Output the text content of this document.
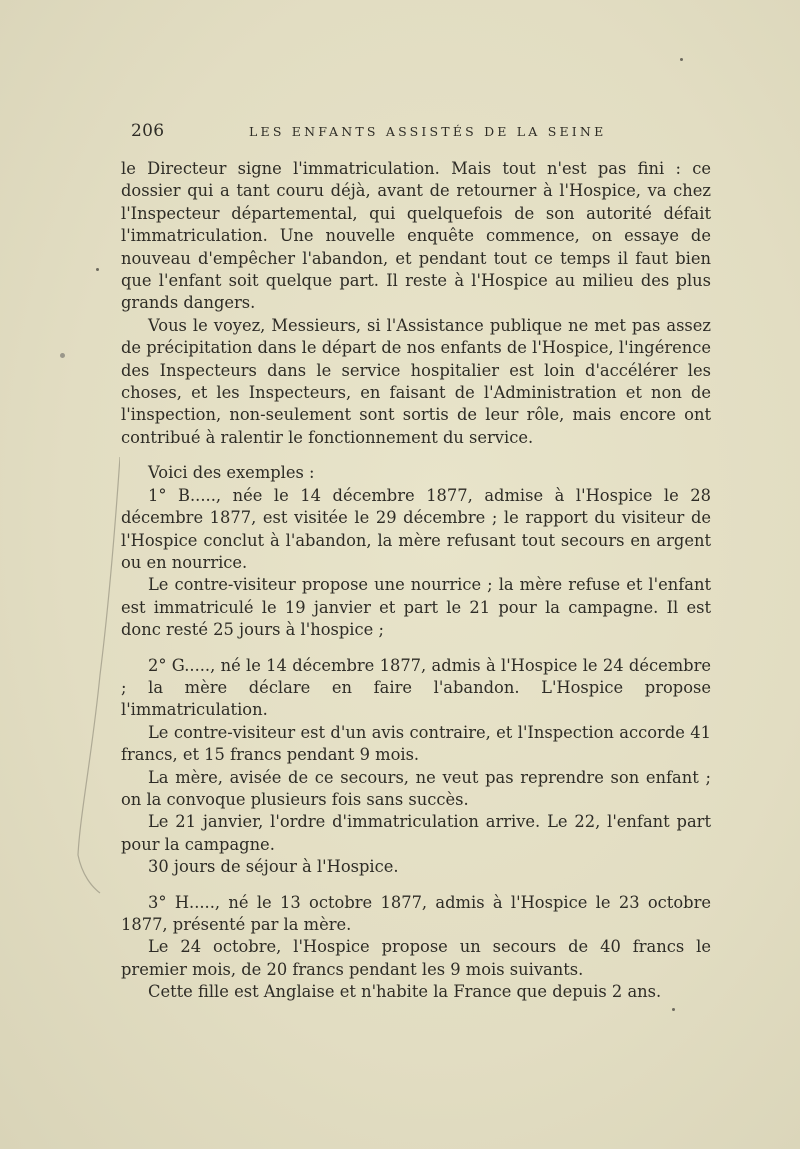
206	LES ENFANTS ASSISTÉS DE LA SEINE

le Directeur signe l'immatriculation. Mais tout n'est pas fini : ce dossier qui a tant couru déjà, avant de retourner à l'Hospice, va chez l'Inspecteur départemental, qui quelquefois de son autorité défait l'immatriculation. Une nouvelle enquête commence, on essaye de nouveau d'empêcher l'abandon, et pendant tout ce temps il faut bien que l'enfant soit quelque part. Il reste à l'Hospice au milieu des plus grands dangers.

Vous le voyez, Messieurs, si l'Assistance publique ne met pas assez de précipitation dans le départ de nos enfants de l'Hospice, l'ingérence des Inspecteurs dans le service hospitalier est loin d'accélérer les choses, et les Inspecteurs, en faisant de l'Administration et non de l'inspection, non-seulement sont sortis de leur rôle, mais encore ont contribué à ralentir le fonctionnement du service.

Voici des exemples :

1° B....., née le 14 décembre 1877, admise à l'Hospice le 28 décembre 1877, est visitée le 29 décembre ; le rapport du visiteur de l'Hospice conclut à l'abandon, la mère refusant tout secours en argent ou en nourrice.

Le contre-visiteur propose une nourrice ; la mère refuse et l'enfant est immatriculé le 19 janvier et part le 21 pour la campagne. Il est donc resté 25 jours à l'hospice ;

2° G....., né le 14 décembre 1877, admis à l'Hospice le 24 décembre ; la mère déclare en faire l'abandon. L'Hospice propose l'immatriculation.

Le contre-visiteur est d'un avis contraire, et l'Inspection accorde 41 francs, et 15 francs pendant 9 mois.

La mère, avisée de ce secours, ne veut pas reprendre son enfant ; on la convoque plusieurs fois sans succès.

Le 21 janvier, l'ordre d'immatriculation arrive. Le 22, l'enfant part pour la campagne.

30 jours de séjour à l'Hospice.

3° H....., né le 13 octobre 1877, admis à l'Hospice le 23 octobre 1877, présenté par la mère.

Le 24 octobre, l'Hospice propose un secours de 40 francs le premier mois, de 20 francs pendant les 9 mois suivants.

Cette fille est Anglaise et n'habite la France que depuis 2 ans.
